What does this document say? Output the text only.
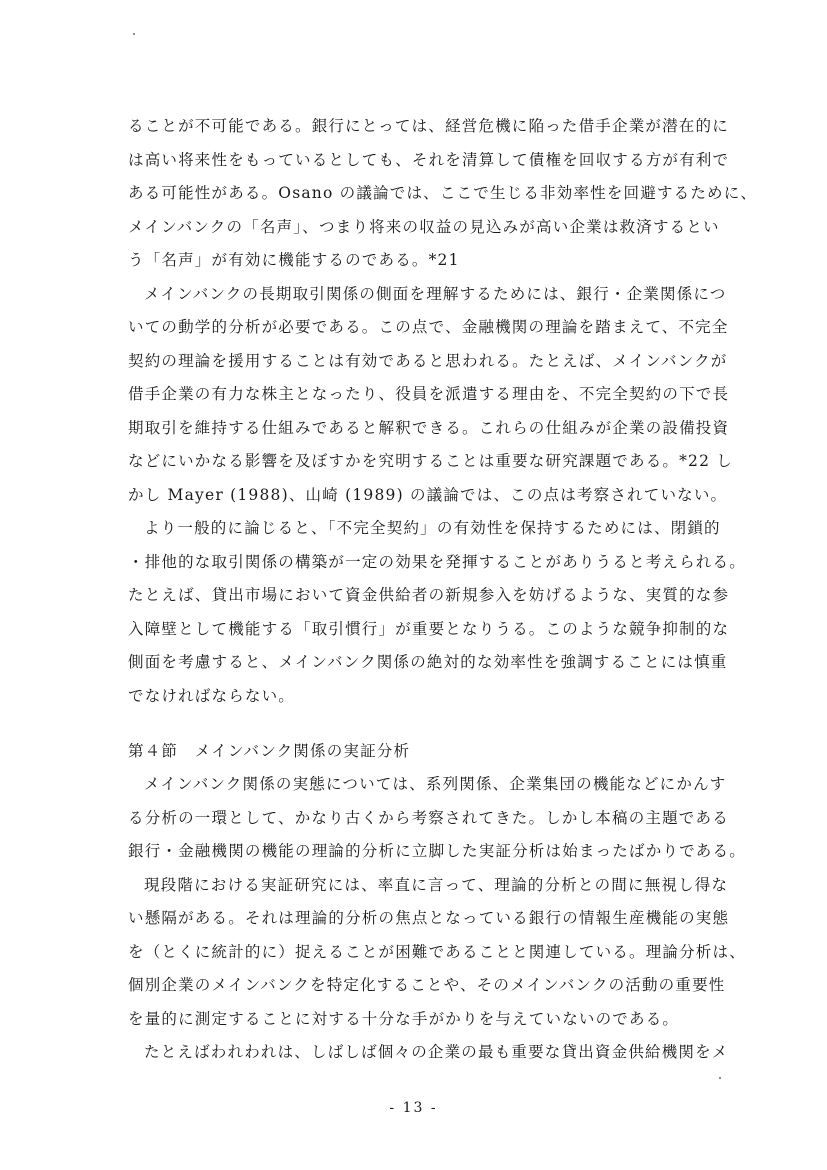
ることが不可能である。銀行にとっては、経営危機に陥った借手企業が潜在的に
は高い将来性をもっているとしても、それを清算して債権を回収する方が有利で
ある可能性がある。Osano の議論では、ここで生じる非効率性を回避するために、
メインバンクの「名声」、つまり将来の収益の見込みが高い企業は救済するとい
う「名声」が有効に機能するのである。*21
メインバンクの長期取引関係の側面を理解するためには、銀行・企業関係につ
いての動学的分析が必要である。この点で、金融機関の理論を踏まえて、不完全
契約の理論を援用することは有効であると思われる。たとえば、メインバンクが
借手企業の有力な株主となったり、役員を派遣する理由を、不完全契約の下で長
期取引を維持する仕組みであると解釈できる。これらの仕組みが企業の設備投資
などにいかなる影響を及ぼすかを究明することは重要な研究課題である。*22 し
かし Mayer (1988)、山崎 (1989) の議論では、この点は考察されていない。
より一般的に論じると、「不完全契約」の有効性を保持するためには、閉鎖的
・排他的な取引関係の構築が一定の効果を発揮することがありうると考えられる。
たとえば、貸出市場において資金供給者の新規参入を妨げるような、実質的な参
入障壁として機能する「取引慣行」が重要となりうる。このような競争抑制的な
側面を考慮すると、メインバンク関係の絶対的な効率性を強調することには慎重
でなければならない。
第４節　メインバンク関係の実証分析
メインバンク関係の実態については、系列関係、企業集団の機能などにかんす
る分析の一環として、かなり古くから考察されてきた。しかし本稿の主題である
銀行・金融機関の機能の理論的分析に立脚した実証分析は始まったばかりである。
現段階における実証研究には、率直に言って、理論的分析との間に無視し得な
い懸隔がある。それは理論的分析の焦点となっている銀行の情報生産機能の実態
を（とくに統計的に）捉えることが困難であることと関連している。理論分析は、
個別企業のメインバンクを特定化することや、そのメインバンクの活動の重要性
を量的に測定することに対する十分な手がかりを与えていないのである。
たとえばわれわれは、しばしば個々の企業の最も重要な貸出資金供給機関をメ
- 13 -
